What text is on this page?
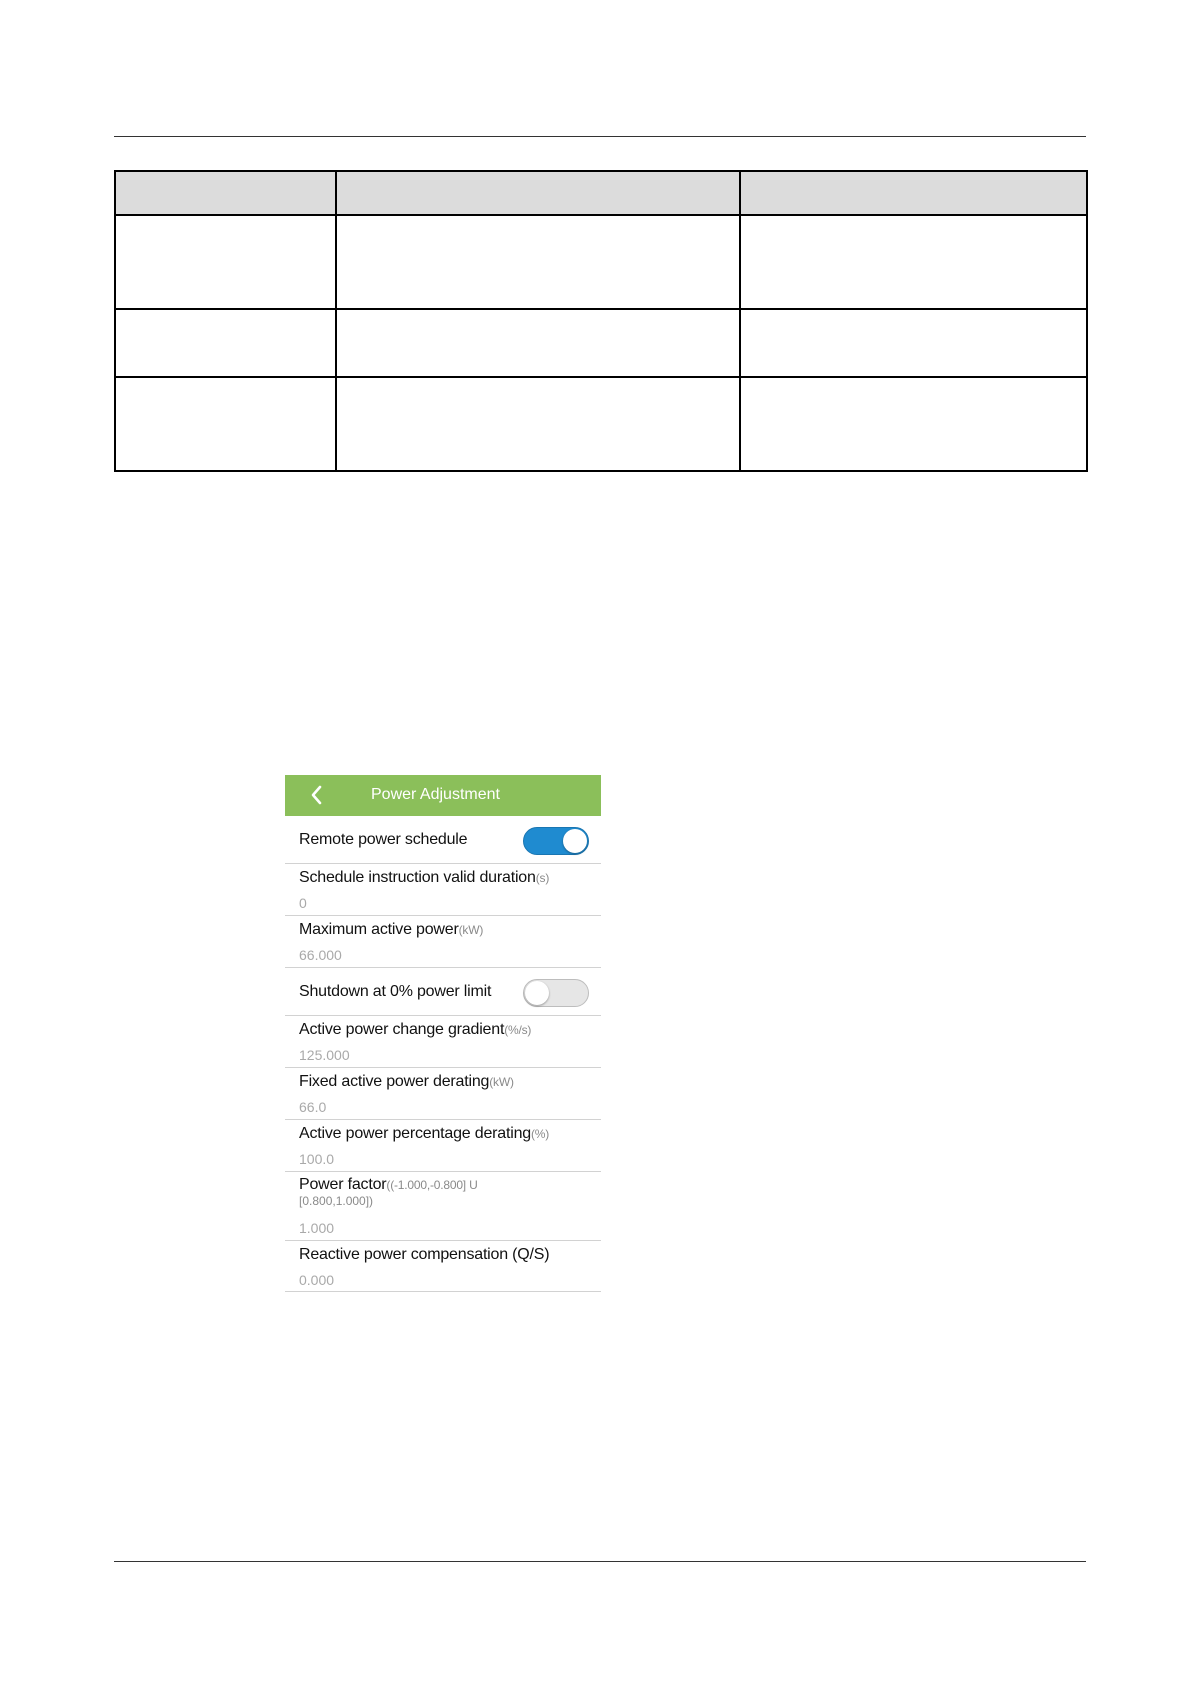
Power Adjustment
Remote power schedule
Schedule instruction valid duration(s)
0
Maximum active power(kW)
66.000
Shutdown at 0% power limit
Active power change gradient(%/s)
125.000
Fixed active power derating(kW)
66.0
Active power percentage derating(%)
100.0
Power factor((-1.000,-0.800] U
[0.800,1.000])
1.000
Reactive power compensation (Q/S)
0.000
